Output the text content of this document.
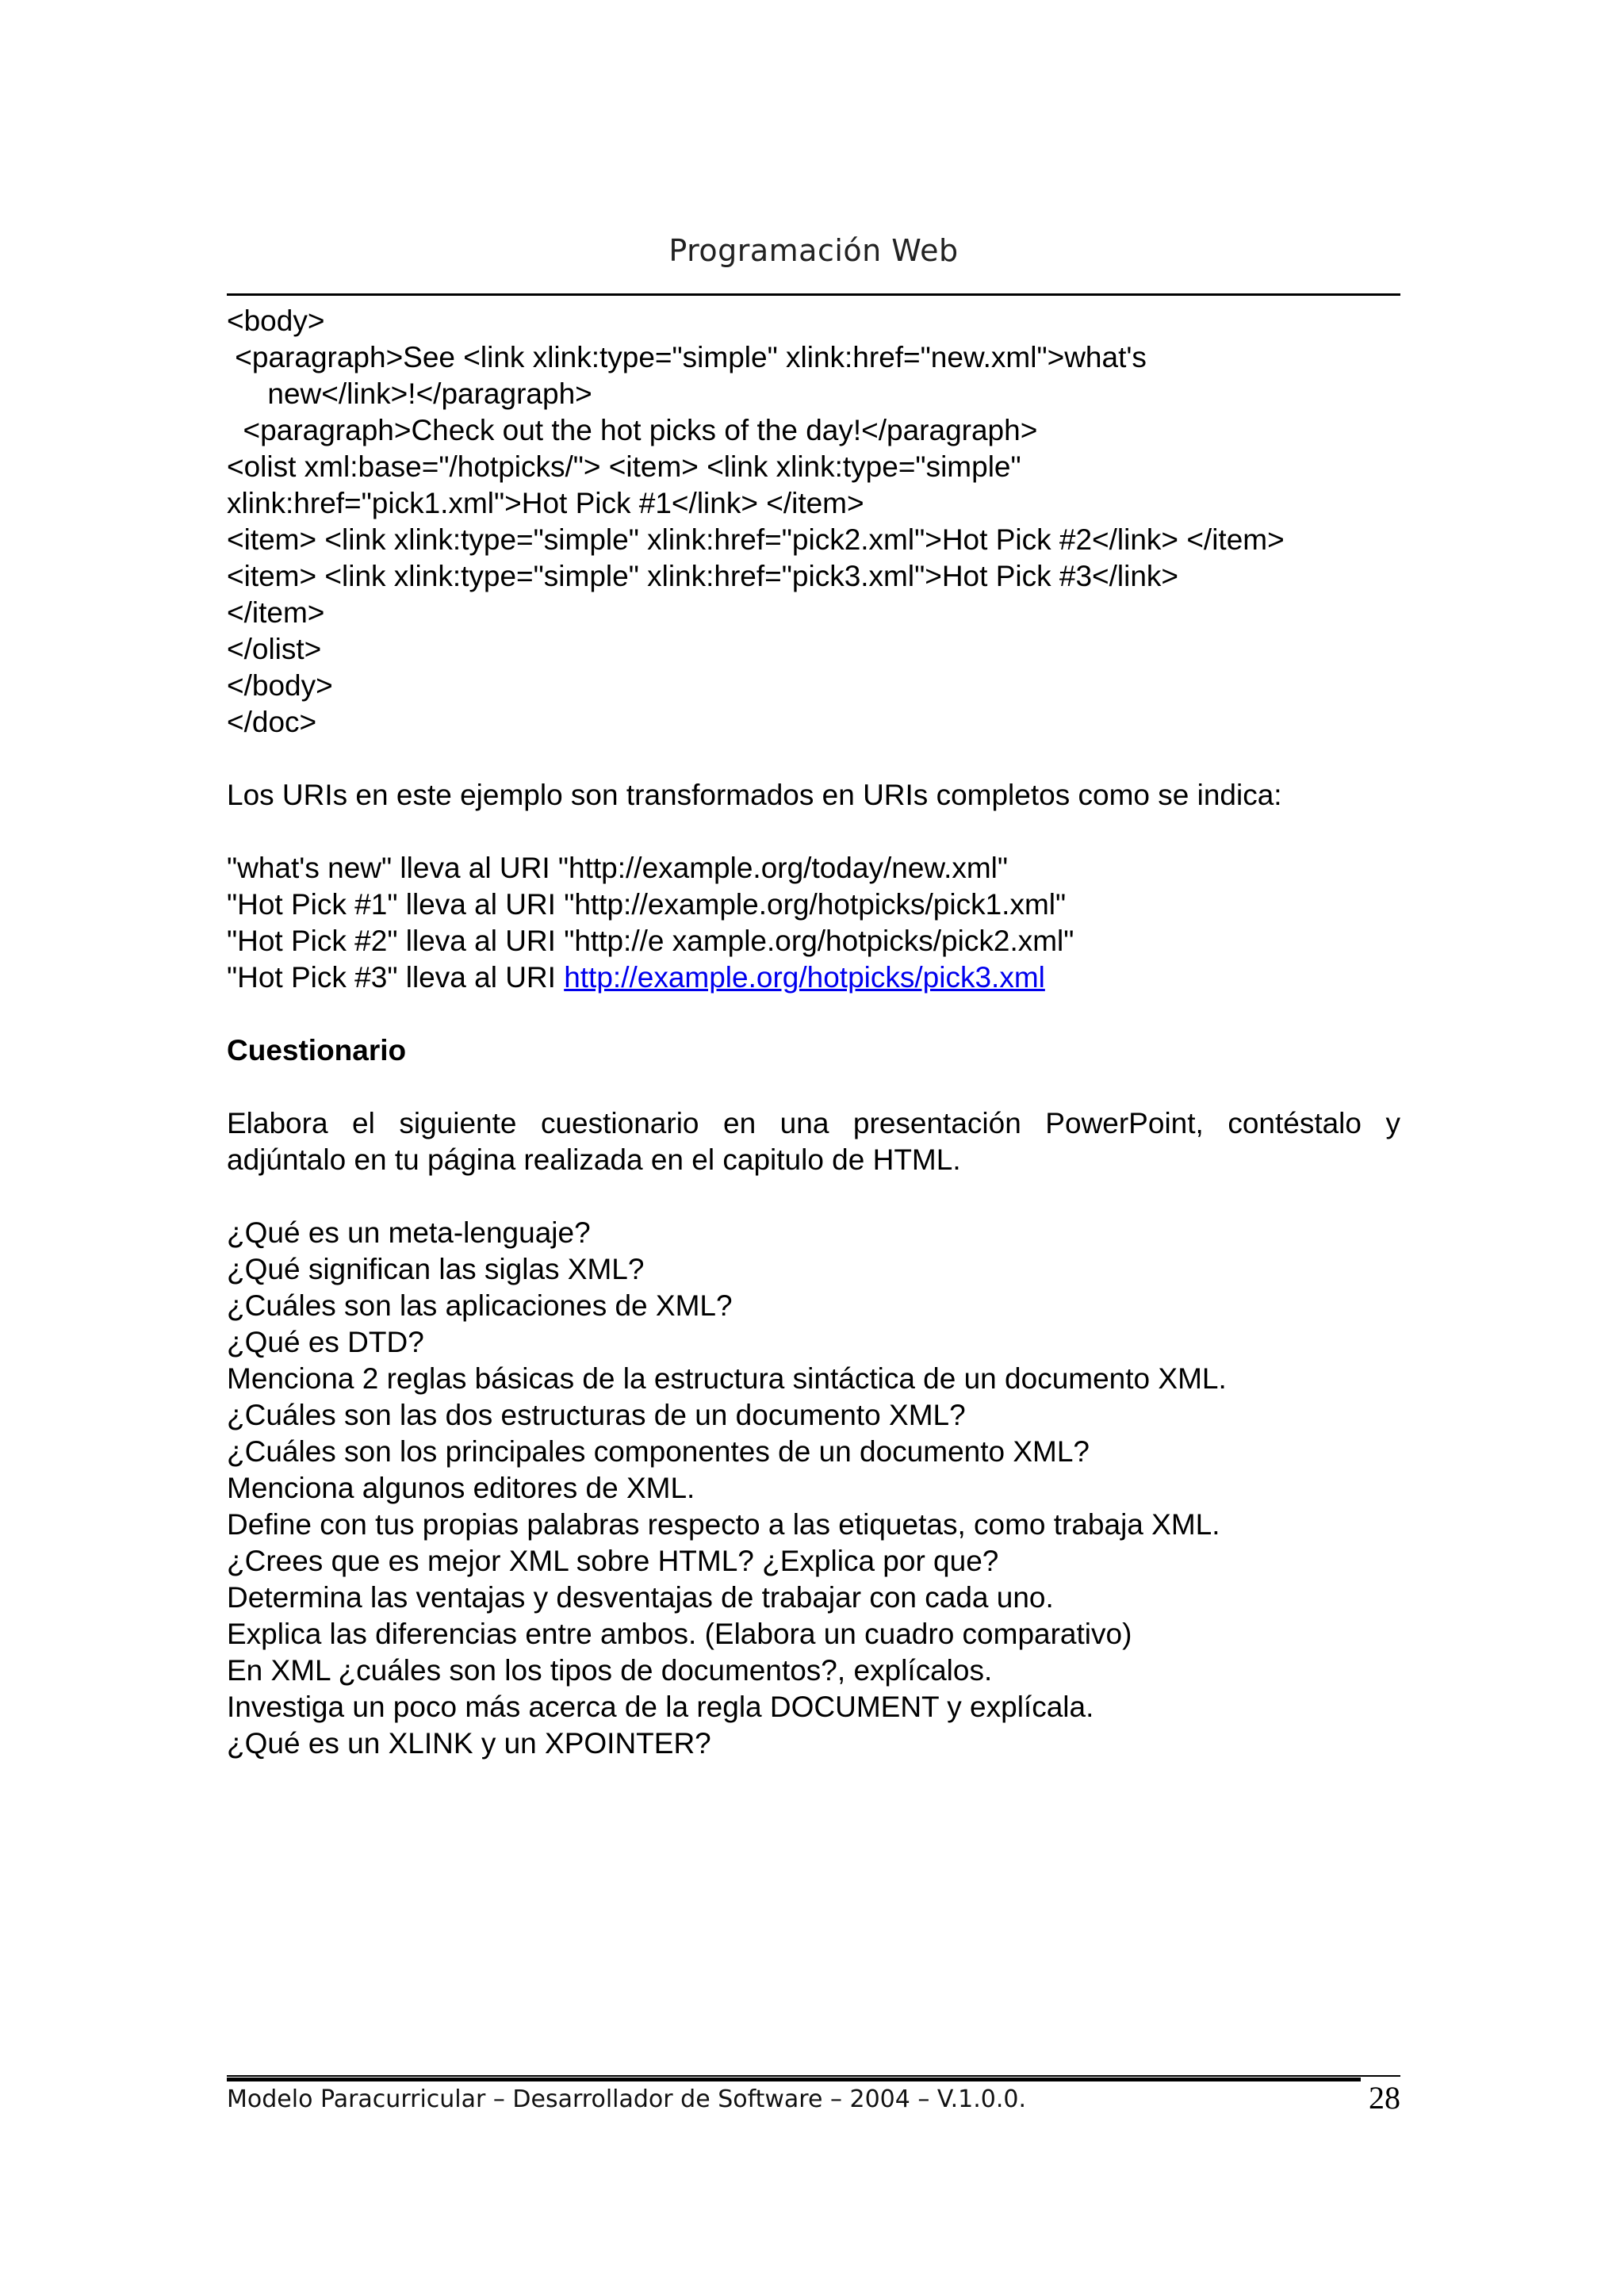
Programación Web
<body>
<paragraph>See <link xlink:type="simple" xlink:href="new.xml">what's
new</link>!</paragraph>
<paragraph>Check out the hot picks of the day!</paragraph>
<olist xml:base="/hotpicks/"> <item> <link xlink:type="simple"
xlink:href="pick1.xml">Hot Pick #1</link> </item>
<item> <link xlink:type="simple" xlink:href="pick2.xml">Hot Pick #2</link> </item>
<item> <link xlink:type="simple" xlink:href="pick3.xml">Hot Pick #3</link>
</item>
</olist>
</body>
</doc>
Los URIs en este ejemplo son transformados en URIs completos como se indica:
"what's new" lleva al URI "http://example.org/today/new.xml"
"Hot Pick #1" lleva al URI "http://example.org/hotpicks/pick1.xml"
"Hot Pick #2" lleva al URI "http://e xample.org/hotpicks/pick2.xml"
"Hot Pick #3" lleva al URI http://example.org/hotpicks/pick3.xml
Cuestionario
Elabora el siguiente cuestionario en una presentación PowerPoint, contéstalo y
adjúntalo en tu página realizada en el capitulo de HTML.
¿Qué es un meta-lenguaje?
¿Qué significan las siglas XML?
¿Cuáles son las aplicaciones de XML?
¿Qué es DTD?
Menciona 2 reglas básicas de la estructura sintáctica de un documento XML.
¿Cuáles son las dos estructuras de un documento XML?
¿Cuáles son los principales componentes de un documento XML?
Menciona algunos editores de XML.
Define con tus propias palabras respecto a las etiquetas, como trabaja XML.
¿Crees que es mejor XML sobre HTML? ¿Explica por que?
Determina las ventajas y desventajas de trabajar con cada uno.
Explica las diferencias entre ambos. (Elabora un cuadro comparativo)
En XML ¿cuáles son los tipos de documentos?, explícalos.
Investiga un poco más acerca de la regla DOCUMENT y explícala.
¿Qué es un XLINK y un XPOINTER?
Modelo Paracurricular – Desarrollador de Software – 2004 – V.1.0.0.	28
